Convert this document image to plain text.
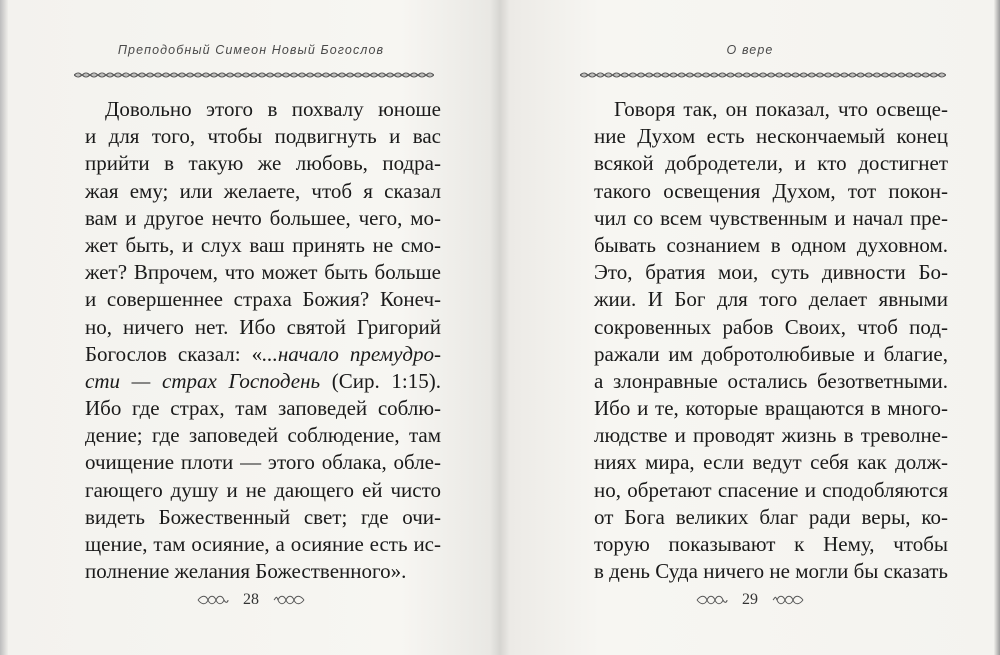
Преподобный Симеон Новый Богослов
Довольно этого в похвалу юноше
и для того, чтобы подвигнуть и вас
прийти в такую же любовь, подра-
жая ему; или желаете, чтоб я сказал
вам и другое нечто большее, чего, мо-
жет быть, и слух ваш принять не смо-
жет? Впрочем, что может быть больше
и совершеннее страха Божия? Конеч-
но, ничего нет. Ибо святой Григорий
Богослов сказал: «...начало премудро-
сти — страх Господень (Сир. 1:15).
Ибо где страх, там заповедей соблю-
дение; где заповедей соблюдение, там
очищение плоти — этого облака, обле-
гающего душу и не дающего ей чисто
видеть Божественный свет; где очи-
щение, там осияние, а осияние есть ис-
полнение желания Божественного».
28
О вере
Говоря так, он показал, что освеще-
ние Духом есть нескончаемый конец
всякой добродетели, и кто достигнет
такого освещения Духом, тот покон-
чил со всем чувственным и начал пре-
бывать сознанием в одном духовном.
Это, братия мои, суть дивности Бо-
жии. И Бог для того делает явными
сокровенных рабов Своих, чтоб под-
ражали им добротолюбивые и благие,
а злонравные остались безответными.
Ибо и те, которые вращаются в много-
людстве и проводят жизнь в треволне-
ниях мира, если ведут себя как долж-
но, обретают спасение и сподобляются
от Бога великих благ ради веры, ко-
торую показывают к Нему, чтобы
в день Суда ничего не могли бы сказать
29
